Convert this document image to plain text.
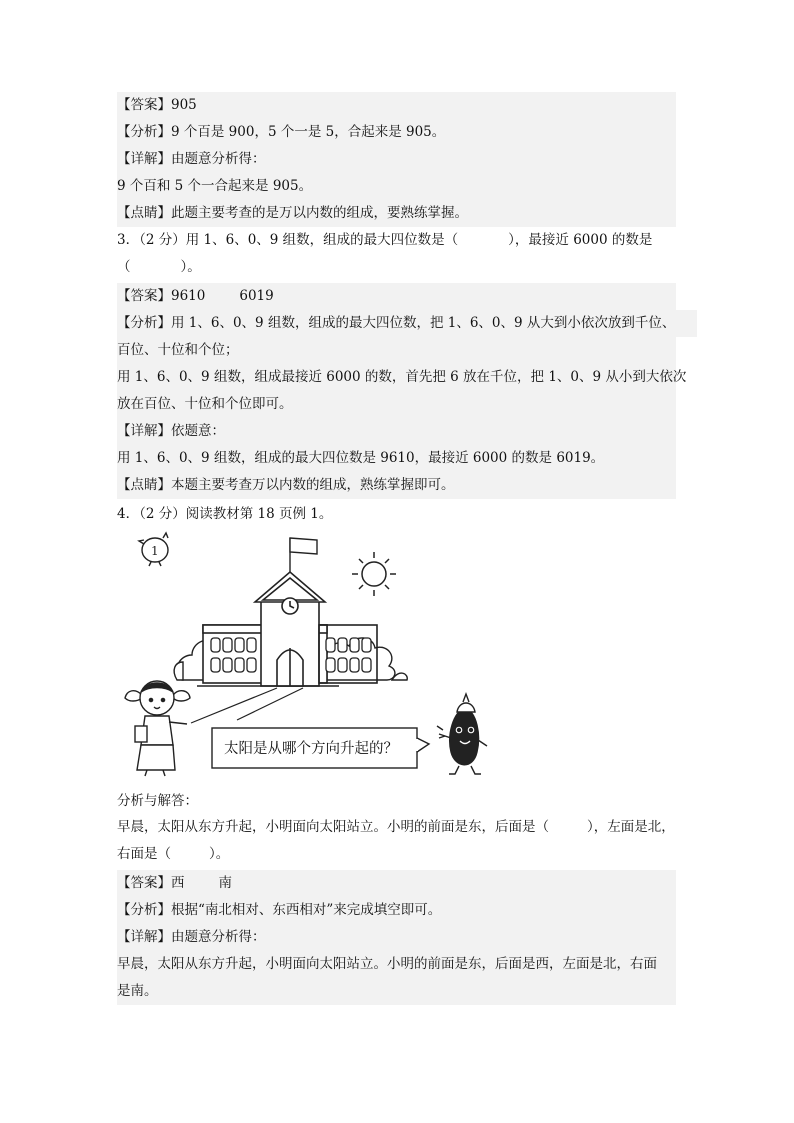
【答案】905
【分析】9 个百是 900，5 个一是 5，合起来是 905。
【详解】由题意分析得：
9 个百和 5 个一合起来是 905。
【点睛】此题主要考查的是万以内数的组成，要熟练掌握。
3．（2 分）用 1、6、0、9 组数，组成的最大四位数是（	），最接近 6000 的数是
（	）。
【答案】9610	6019
【分析】用 1、6、0、9 组数，组成的最大四位数，把 1、6、0、9 从大到小依次放到千位、
百位、十位和个位；
用 1、6、0、9 组数，组成最接近 6000 的数，首先把 6 放在千位，把 1、0、9 从小到大依次
放在百位、十位和个位即可。
【详解】依题意：
用 1、6、0、9 组数，组成的最大四位数是 9610，最接近 6000 的数是 6019。
【点睛】本题主要考查万以内数的组成，熟练掌握即可。
4．（2 分）阅读教材第 18 页例 1。
1
太阳是从哪个方向升起的？
分析与解答：
早晨，太阳从东方升起，小明面向太阳站立。小明的前面是东，后面是（	），左面是北，
右面是（	）。
【答案】西	南
【分析】根据“南北相对、东西相对”来完成填空即可。
【详解】由题意分析得：
早晨，太阳从东方升起，小明面向太阳站立。小明的前面是东，后面是西，左面是北，右面
是南。
